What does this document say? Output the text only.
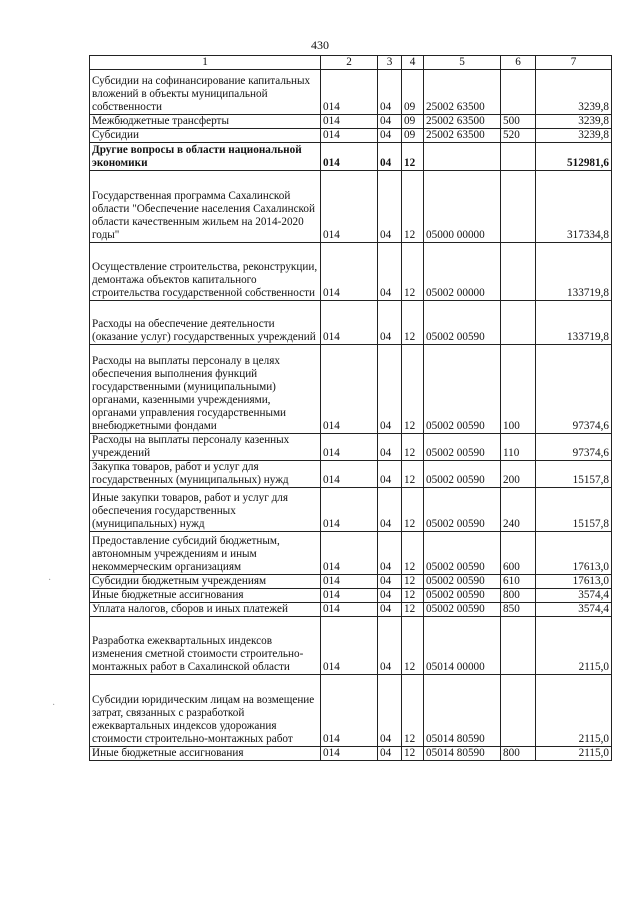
430
1	2	3	4	5	6	7
Субсидии на софинансирование капитальных вложений в объекты муниципальной собственности	014	04	09	25002 63500		3239,8
Межбюджетные трансферты	014	04	09	25002 63500	500	3239,8
Субсидии	014	04	09	25002 63500	520	3239,8
Другие вопросы в области национальной экономики	014	04	12			512981,6
Государственная программа Сахалинской области "Обеспечение населения Сахалинской области качественным жильем на 2014-2020 годы"	014	04	12	05000 00000		317334,8
Осуществление строительства, реконструкции, демонтажа объектов капитального строительства государственной собственности	014	04	12	05002 00000		133719,8
Расходы на обеспечение деятельности (оказание услуг) государственных учреждений	014	04	12	05002 00590		133719,8
Расходы на выплаты персоналу в целях обеспечения выполнения функций государственными (муниципальными) органами, казенными учреждениями, органами управления государственными внебюджетными фондами	014	04	12	05002 00590	100	97374,6
Расходы на выплаты персоналу казенных учреждений	014	04	12	05002 00590	110	97374,6
Закупка товаров, работ и услуг для государственных (муниципальных) нужд	014	04	12	05002 00590	200	15157,8
Иные закупки товаров, работ и услуг для обеспечения государственных (муниципальных) нужд	014	04	12	05002 00590	240	15157,8
Предоставление субсидий бюджетным, автономным учреждениям и иным некоммерческим организациям	014	04	12	05002 00590	600	17613,0
Субсидии бюджетным учреждениям	014	04	12	05002 00590	610	17613,0
Иные бюджетные ассигнования	014	04	12	05002 00590	800	3574,4
Уплата налогов, сборов и иных платежей	014	04	12	05002 00590	850	3574,4
Разработка ежеквартальных индексов изменения сметной стоимости строительно-монтажных работ в Сахалинской области	014	04	12	05014 00000		2115,0
Субсидии юридическим лицам на возмещение затрат, связанных с разработкой ежеквартальных индексов удорожания стоимости строительно-монтажных работ	014	04	12	05014 80590		2115,0
Иные бюджетные ассигнования	014	04	12	05014 80590	800	2115,0
·
·
